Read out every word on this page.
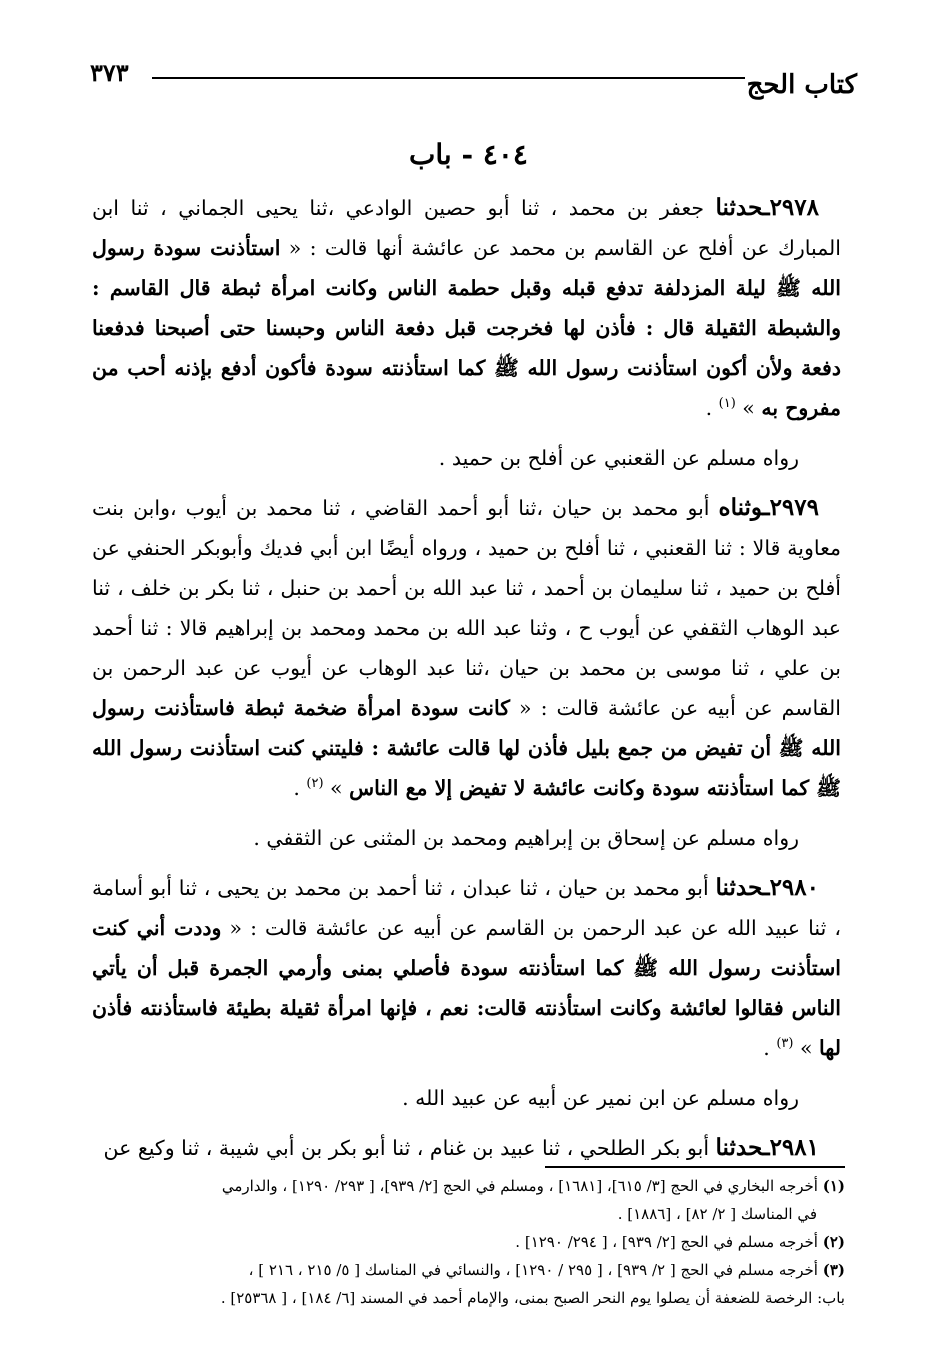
كتاب الحج
٣٧٣
٤٠٤ - باب

٢٩٧٨ـحدثنا جعفر بن محمد ، ثنا أبو حصين الوادعي ،ثنا يحيى الجماني ، ثنا ابن المبارك عن أفلح عن القاسم بن محمد عن عائشة أنها قالت : « استأذنت سودة رسول الله ﷺ ليلة المزدلفة تدفع قبله وقبل حطمة الناس وكانت امرأة ثبطة قال القاسم : والشبطة الثقيلة قال : فأذن لها فخرجت قبل دفعة الناس وحبسنا حتى أصبحنا فدفعنا دفعة ولأن أكون استأذنت رسول الله ﷺ كما استأذنته سودة فأكون أدفع بإذنه أحب من مفروح به » $^{(١)}$ .

رواه مسلم عن القعنبي عن أفلح بن حميد .

٢٩٧٩ـوثناه أبو محمد بن حيان ،ثنا أبو أحمد القاضي ، ثنا محمد بن أيوب ،وابن بنت معاوية قالا : ثنا القعنبي ، ثنا أفلح بن حميد ، ورواه أيضًا ابن أبي فديك وأبوبكر الحنفي عن أفلح بن حميد ، ثنا سليمان بن أحمد ، ثنا عبد الله بن أحمد بن حنبل ، ثنا بكر بن خلف ، ثنا عبد الوهاب الثقفي عن أيوب ح ، وثنا عبد الله بن محمد ومحمد بن إبراهيم قالا : ثنا أحمد بن علي ، ثنا موسى بن محمد بن حيان ،ثنا عبد الوهاب عن أيوب عن عبد الرحمن بن القاسم عن أبيه عن عائشة قالت : « كانت سودة امرأة ضخمة ثبطة فاستأذنت رسول الله ﷺ أن تفيض من جمع بليل فأذن لها قالت عائشة : فليتني كنت استأذنت رسول الله ﷺ كما استأذنته سودة وكانت عائشة لا تفيض إلا مع الناس » $^{(٢)}$ .

رواه مسلم عن إسحاق بن إبراهيم ومحمد بن المثنى عن الثقفي .

٢٩٨٠ـحدثنا أبو محمد بن حيان ، ثنا عبدان ، ثنا أحمد بن محمد بن يحيى ، ثنا أبو أسامة ، ثنا عبيد الله عن عبد الرحمن بن القاسم عن أبيه عن عائشة قالت : « وددت أني كنت استأذنت رسول الله ﷺ كما استأذنته سودة فأصلي بمنى وأرمي الجمرة قبل أن يأتي الناس فقالوا لعائشة وكانت استأذنته قالت: نعم ، فإنها امرأة ثقيلة بطيئة فاستأذنته فأذن لها » $^{(٣)}$ .

رواه مسلم عن ابن نمير عن أبيه عن عبيد الله .

٢٩٨١ـحدثنا أبو بكر الطلحي ، ثنا عبيد بن غنام ، ثنا أبو بكر بن أبي شيبة ، ثنا وكيع عن

(١) أخرجه البخاري في الحج [٣/ ٦١٥]، [١٦٨١] ، ومسلم في الحج [٢/ ٩٣٩]، [ ٢٩٣/ ١٢٩٠] ، والدارمي

في المناسك [ ٢/ ٨٢] ، [١٨٨٦] .

(٢) أخرجه مسلم في الحج [٢/ ٩٣٩] ، [ ٢٩٤/ ١٢٩٠] .

(٣) أخرجه مسلم في الحج [ ٢/ ٩٣٩] ، [ ٢٩٥ / ١٢٩٠] ، والنسائي في المناسك [ ٥/ ٢١٥ ، ٢١٦ ] ،

باب: الرخصة للضعفة أن يصلوا يوم النحر الصبح بمنى، والإمام أحمد في المسند [٦/ ١٨٤] ، [ ٢٥٣٦٨] .
